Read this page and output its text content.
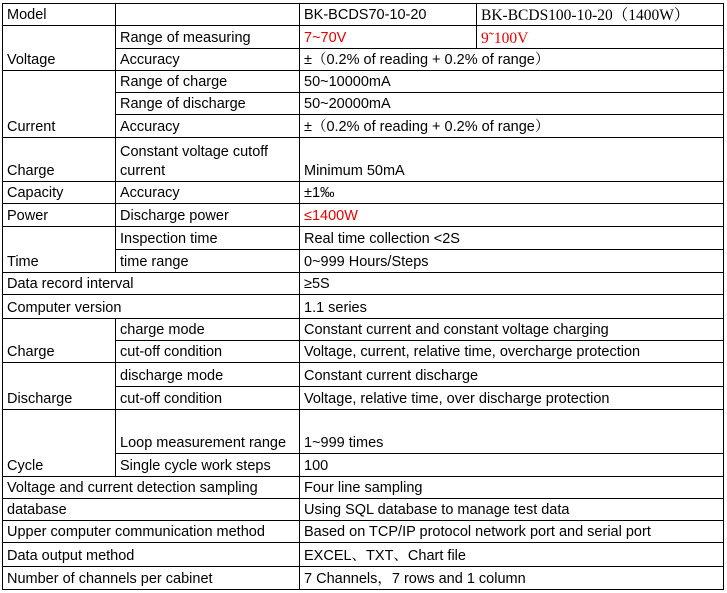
Model		BK-BCDS70-10-20	BK-BCDS100-10-20（1400W）
Voltage	Range of measuring	7~70V	9˜100V
	Accuracy	±（0.2% of reading + 0.2% of range）	
Current	Range of charge	50~10000mA	
	Range of discharge	50~20000mA	
	Accuracy	±（0.2% of reading + 0.2% of range）	
Charge	Constant voltage cutoff current	Minimum 50mA	
Capacity	Accuracy	±1‰	
Power	Discharge power	≤1400W	
Time	Inspection time	Real time collection <2S	
	time range	0~999 Hours/Steps	
Data record interval		≥5S	
Computer version		1.1 series	
Charge	charge mode	Constant current and constant voltage charging	
	cut-off condition	Voltage, current, relative time, overcharge protection	
Discharge	discharge mode	Constant current discharge	
	cut-off condition	Voltage, relative time, over discharge protection	
Cycle	Loop measurement range	1~999 times	
	Single cycle work steps	100	
Voltage and current detection sampling		Four line sampling	
database		Using SQL database to manage test data	
Upper computer communication method		Based on TCP/IP protocol network port and serial port	
Data output method		EXCEL、TXT、Chart file	
Number of channels per cabinet		7 Channels，7 rows and 1 column	
